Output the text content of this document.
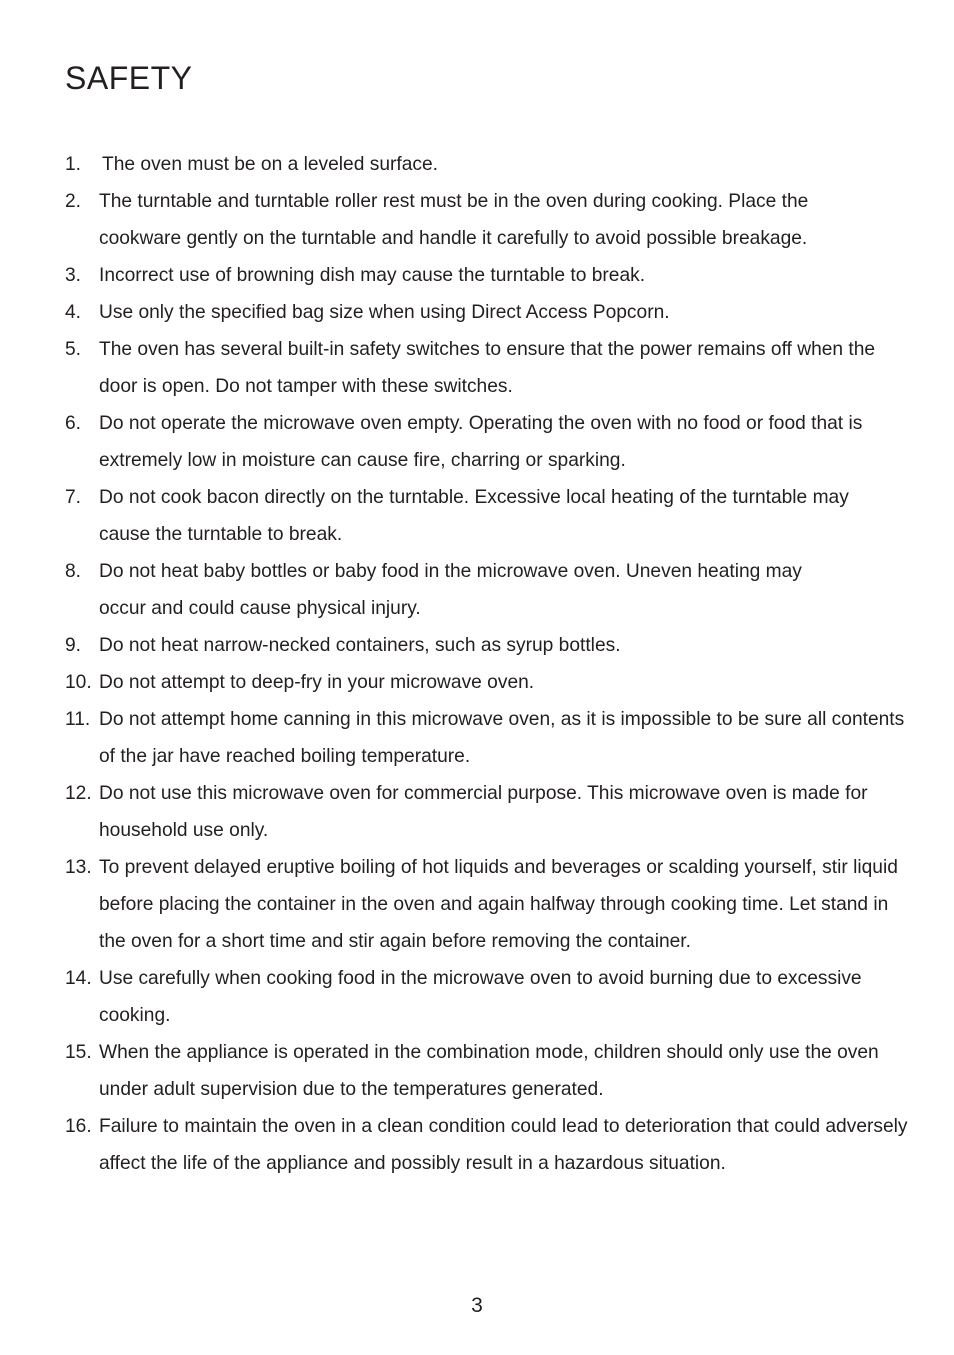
SAFETY
1. The oven must be on a leveled surface.
2. The turntable and turntable roller rest must be in the oven during cooking. Place the cookware gently on the turntable and handle it carefully to avoid possible breakage.
3. Incorrect use of browning dish may cause the turntable to break.
4. Use only the specified bag size when using Direct Access Popcorn.
5. The oven has several built-in safety switches to ensure that the power remains off when the door is open. Do not tamper with these switches.
6. Do not operate the microwave oven empty. Operating the oven with no food or food that is extremely low in moisture can cause fire, charring or sparking.
7. Do not cook bacon directly on the turntable. Excessive local heating of the turntable may cause the turntable to break.
8. Do not heat baby bottles or baby food in the microwave oven. Uneven heating may occur and could cause physical injury.
9. Do not heat narrow-necked containers, such as syrup bottles.
10. Do not attempt to deep-fry in your microwave oven.
11. Do not attempt home canning in this microwave oven, as it is impossible to be sure all contents of the jar have reached boiling temperature.
12. Do not use this microwave oven for commercial purpose. This microwave oven is made for household use only.
13. To prevent delayed eruptive boiling of hot liquids and beverages or scalding yourself, stir liquid before placing the container in the oven and again halfway through cooking time. Let stand in the oven for a short time and stir again before removing the container.
14. Use carefully when cooking food in the microwave oven to avoid burning due to excessive cooking.
15. When the appliance is operated in the combination mode, children should only use the oven under adult supervision due to the temperatures generated.
16. Failure to maintain the oven in a clean condition could lead to deterioration that could adversely affect the life of the appliance and possibly result in a hazardous situation.
3
